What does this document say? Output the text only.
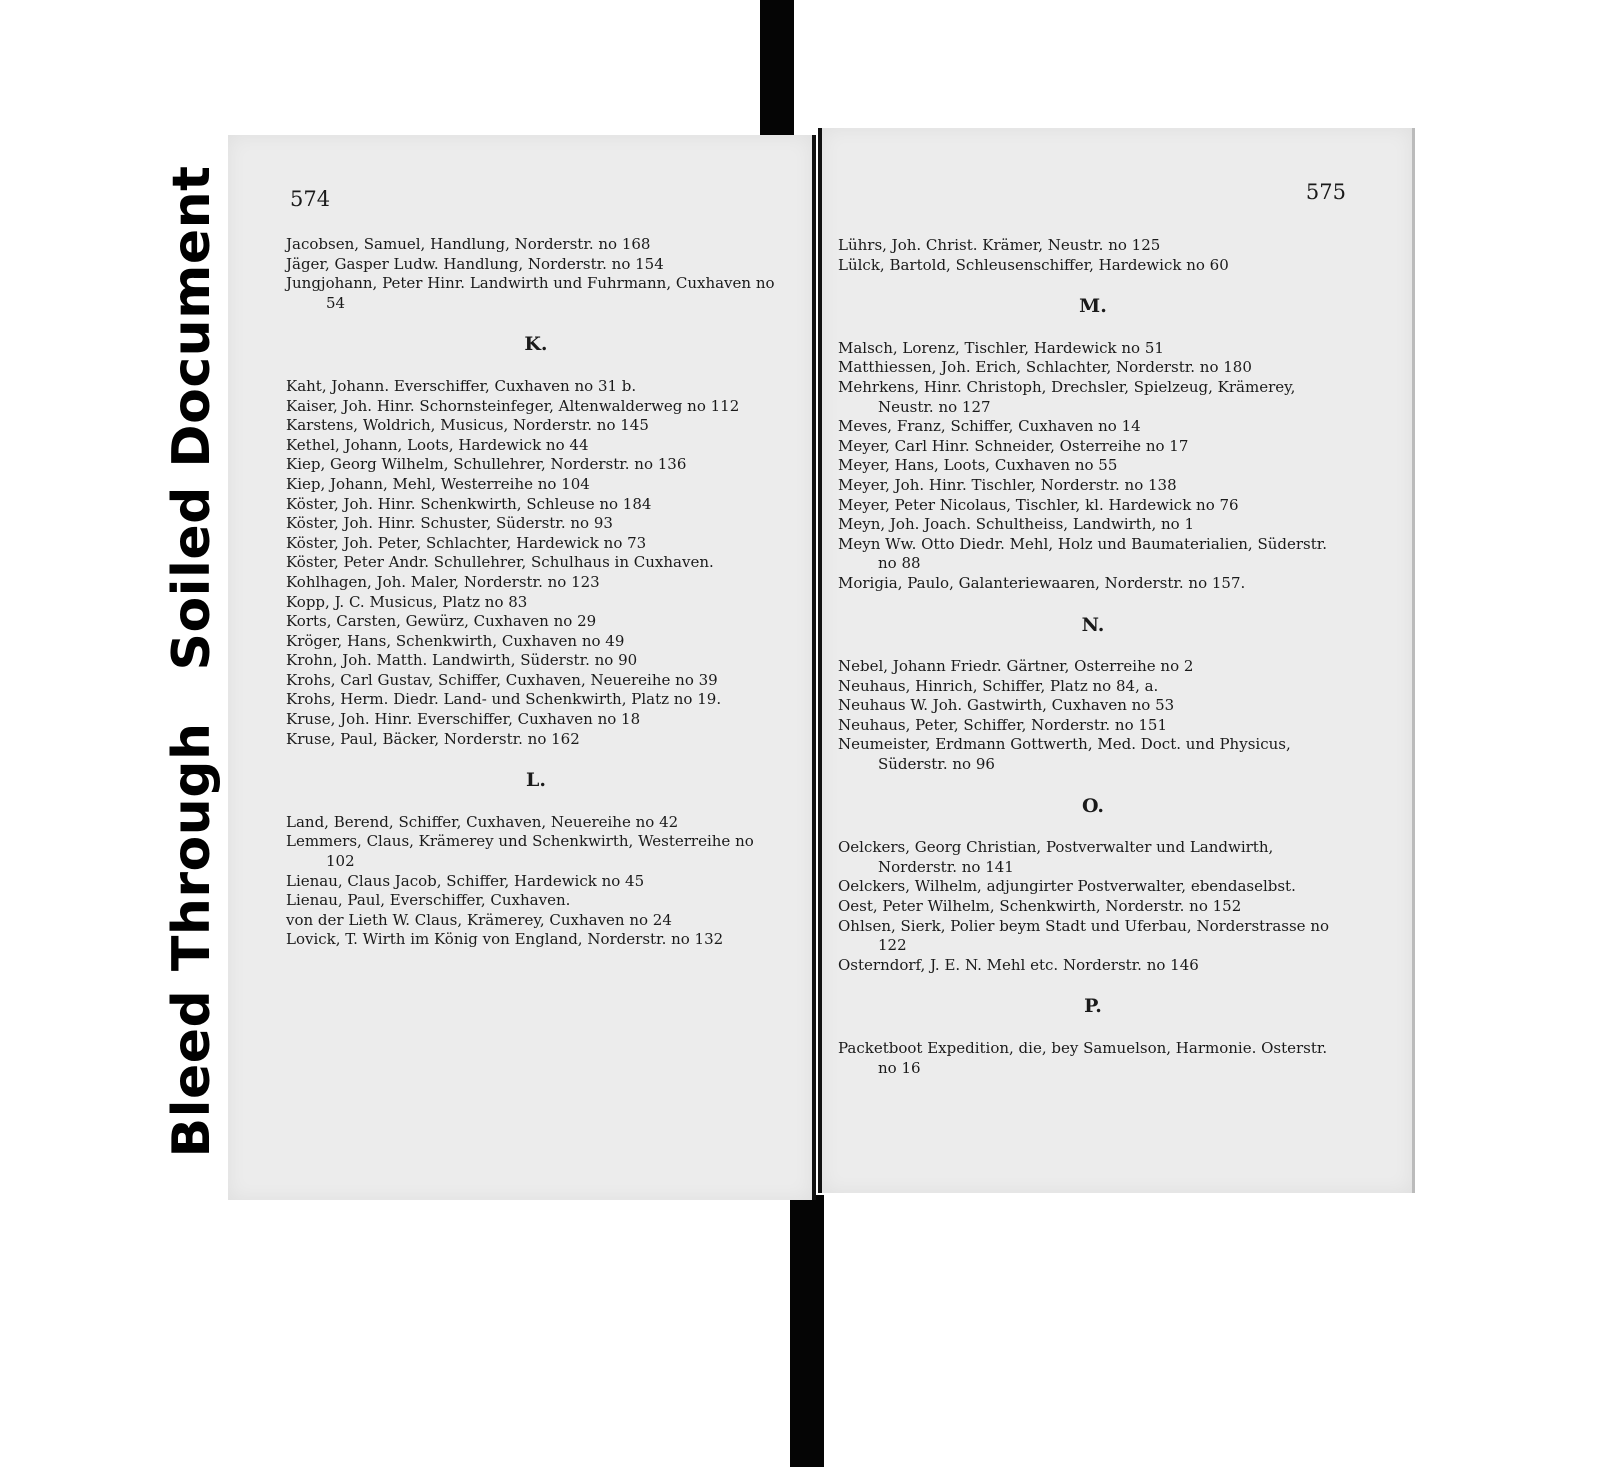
Soiled Document
Bleed Through
574

Jacobsen, Samuel, Handlung, Norderstr. no 168

Jäger, Gasper Ludw. Handlung, Norderstr. no 154

Jungjohann, Peter Hinr. Landwirth und Fuhrmann, Cuxhaven no 54

K.

Kaht, Johann. Everschiffer, Cuxhaven no 31 b.

Kaiser, Joh. Hinr. Schornsteinfeger, Altenwalderweg no 112

Karstens, Woldrich, Musicus, Norderstr. no 145

Kethel, Johann, Loots, Hardewick no 44

Kiep, Georg Wilhelm, Schullehrer, Norderstr. no 136

Kiep, Johann, Mehl, Westerreihe no 104

Köster, Joh. Hinr. Schenkwirth, Schleuse no 184

Köster, Joh. Hinr. Schuster, Süderstr. no 93

Köster, Joh. Peter, Schlachter, Hardewick no 73

Köster, Peter Andr. Schullehrer, Schulhaus in Cuxhaven.

Kohlhagen, Joh. Maler, Norderstr. no 123

Kopp, J. C. Musicus, Platz no 83

Korts, Carsten, Gewürz, Cuxhaven no 29

Kröger, Hans, Schenkwirth, Cuxhaven no 49

Krohn, Joh. Matth. Landwirth, Süderstr. no 90

Krohs, Carl Gustav, Schiffer, Cuxhaven, Neuereihe no 39

Krohs, Herm. Diedr. Land- und Schenkwirth, Platz no 19.

Kruse, Joh. Hinr. Everschiffer, Cuxhaven no 18

Kruse, Paul, Bäcker, Norderstr. no 162

L.

Land, Berend, Schiffer, Cuxhaven, Neuereihe no 42

Lemmers, Claus, Krämerey und Schenkwirth, Westerreihe no 102

Lienau, Claus Jacob, Schiffer, Hardewick no 45

Lienau, Paul, Everschiffer, Cuxhaven.

von der Lieth W. Claus, Krämerey, Cuxhaven no 24

Lovick, T. Wirth im König von England, Norderstr. no 132

575

Lührs, Joh. Christ. Krämer, Neustr. no 125

Lülck, Bartold, Schleusenschiffer, Hardewick no 60

M.

Malsch, Lorenz, Tischler, Hardewick no 51

Matthiessen, Joh. Erich, Schlachter, Norderstr. no 180

Mehrkens, Hinr. Christoph, Drechsler, Spielzeug, Krämerey, Neustr. no 127

Meves, Franz, Schiffer, Cuxhaven no 14

Meyer, Carl Hinr. Schneider, Osterreihe no 17

Meyer, Hans, Loots, Cuxhaven no 55

Meyer, Joh. Hinr. Tischler, Norderstr. no 138

Meyer, Peter Nicolaus, Tischler, kl. Hardewick no 76

Meyn, Joh. Joach. Schultheiss, Landwirth, no 1

Meyn Ww. Otto Diedr. Mehl, Holz und Baumaterialien, Süderstr. no 88

Morigia, Paulo, Galanteriewaaren, Norderstr. no 157.

N.

Nebel, Johann Friedr. Gärtner, Osterreihe no 2

Neuhaus, Hinrich, Schiffer, Platz no 84, a.

Neuhaus W. Joh. Gastwirth, Cuxhaven no 53

Neuhaus, Peter, Schiffer, Norderstr. no 151

Neumeister, Erdmann Gottwerth, Med. Doct. und Physicus, Süderstr. no 96

O.

Oelckers, Georg Christian, Postverwalter und Landwirth, Norderstr. no 141

Oelckers, Wilhelm, adjungirter Postverwalter, ebendaselbst.

Oest, Peter Wilhelm, Schenkwirth, Norderstr. no 152

Ohlsen, Sierk, Polier beym Stadt und Uferbau, Norderstrasse no 122

Osterndorf, J. E. N. Mehl etc. Norderstr. no 146

P.

Packetboot Expedition, die, bey Samuelson, Harmonie. Osterstr. no 16
